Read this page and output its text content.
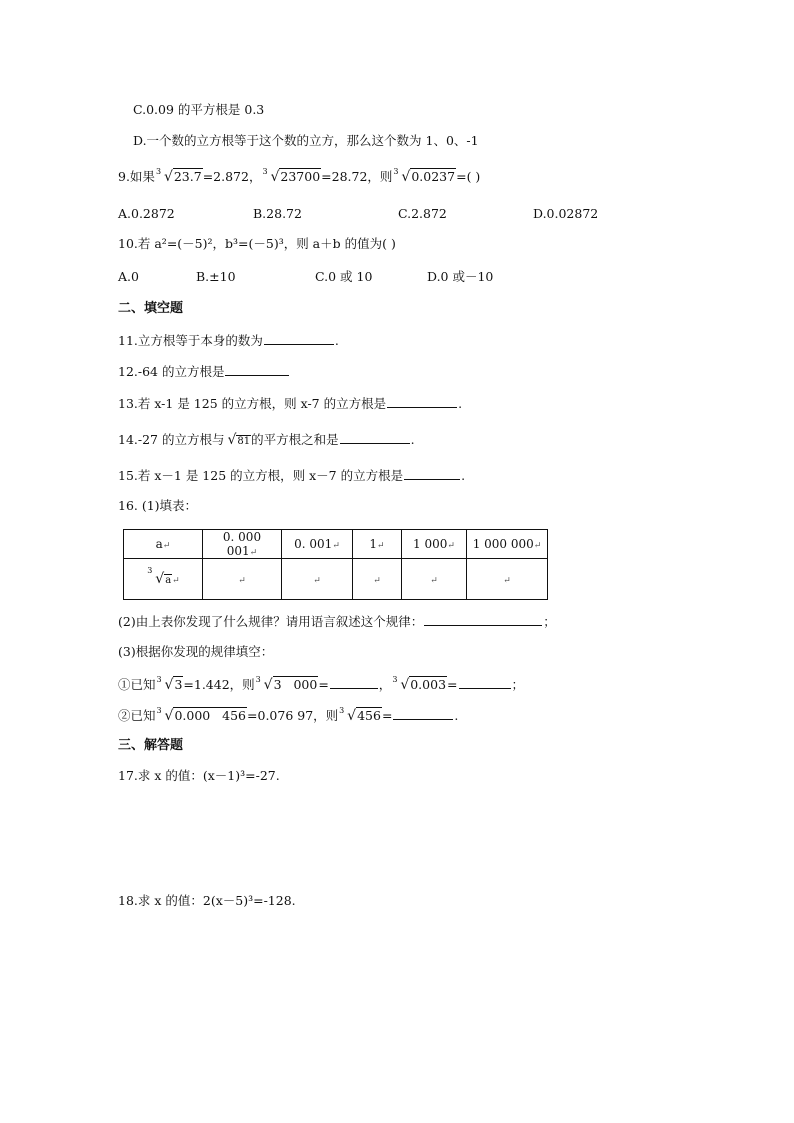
C.0.09 的平方根是 0.3
D.一个数的立方根等于这个数的立方，那么这个数为 1、0、-1
9.如果 3 √23.7=2.872， 3 √23700=28.72，则 3 √0.0237=( )
A.0.2872	B.28.72	C.2.872	D.0.02872
10.若 a²=(－5)²，b³=(－5)³，则 a＋b 的值为( )
A.0	B.±10	C.0 或 10	D.0 或－10
二、填空题
11.立方根等于本身的数为	.
12.-64 的立方根是
13.若 x-1 是 125 的立方根，则 x-7 的立方根是	.
14.-27 的立方根与 √81的平方根之和是	.
15.若 x－1 是 125 的立方根，则 x－7 的立方根是	.
16. (1)填表：
a↵	0. 000 001↵	0. 001↵	1↵	1 000↵	1 000 000↵

3
√a↵	↵	↵	↵	↵	↵
(2)由上表你发现了什么规律？请用语言叙述这个规律：	；
(3)根据你发现的规律填空：
①已知 3 √3=1.442，则 3 √3   000=	， 3 √0.003=	；
②已知 3 √0.000   456=0.076 97，则 3 √456=	.
三、解答题
17.求 x 的值：(x－1)³=-27.
18.求 x 的值：2(x－5)³=-128.
